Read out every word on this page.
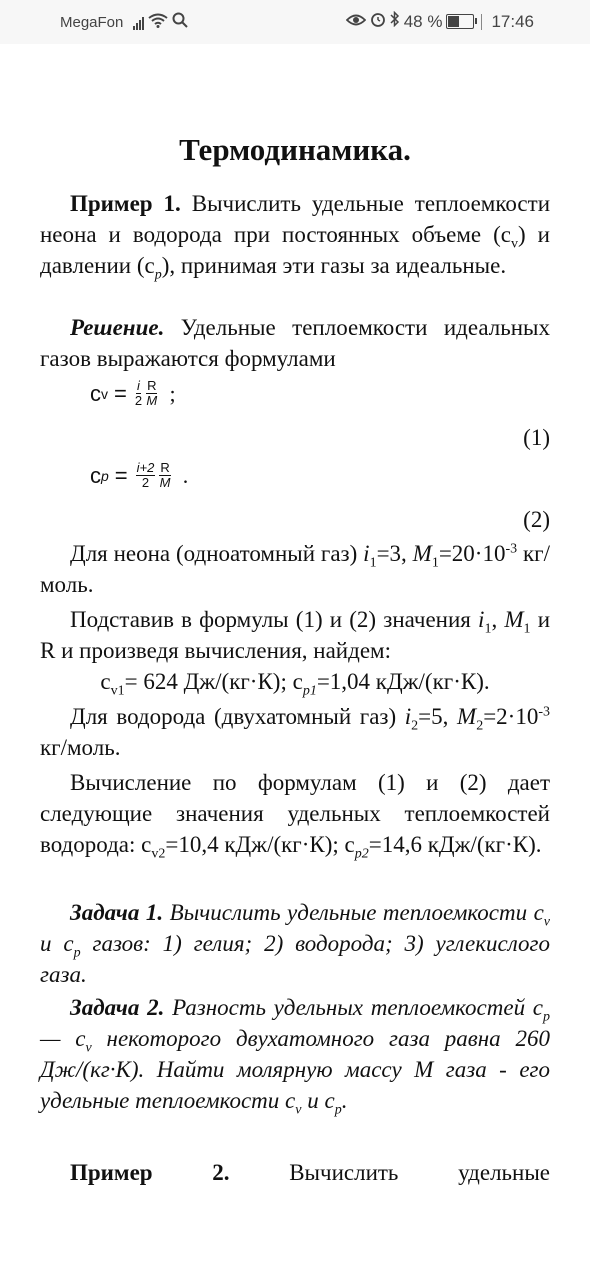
MegaFon	48 %	17:46
Термодинамика.

Пример 1. Вычислить удельные теплоемкости неона и водорода при постоянных объеме $(c_v)$ и давлении $(c_p)$, принимая эти газы за идеальные.

Решение. Удельные теплоемкости идеальных газов выражаются формулами

c $v = \frac{i}{2} \frac{R}{M}$ ;
(1)
c $p = \frac{i+2}{2} \frac{R}{M}$ .
(2)

Для неона (одноатомный газ) $i_1=3$, $M_1=20\cdot 10^{-3}$ кг/моль.

Подставив в формулы (1) и (2) значения $i_1$, $M_1$ и R и произведя вычисления, найдем:

$c_{v1}= 624$ Дж/(кг·К); $c_{p1}=1,04$ кДж/(кг·К).

Для водорода (двухатомный газ) $i_2=5$, $M_2=2\cdot 10^{-3}$ кг/моль.

Вычисление по формулам (1) и (2) дает следующие значения удельных теплоемкостей водорода: $c_{v2}=10,4$ кДж/(кг·К); $c_{p2}=14,6$ кДж/(кг·К).

Задача 1. Вычислить удельные теплоемкости $c_v$ и $c_p$ газов: 1) гелия; 2) водорода; 3) углекислого газа.

Задача 2. Разность удельных теплоемкостей $c_p$ — $c_v$ некоторого двухатомного газа равна 260 Дж/(кг·К). Найти молярную массу M газа - его удельные теплоемкости $c_v$ и $c_p$.

Пример 2.	Вычислить удельные
